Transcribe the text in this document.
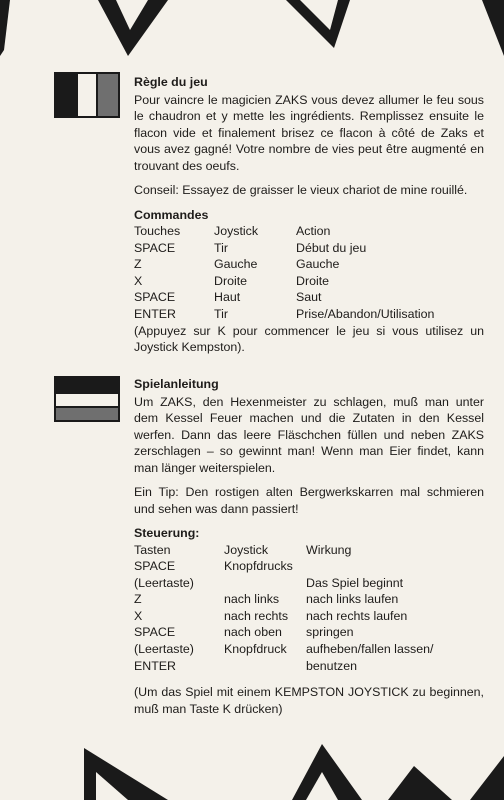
Règle du jeu

Pour vaincre le magicien ZAKS vous devez allumer le feu sous le chaudron et y mette les ingrédients. Remplissez ensuite le flacon vide et finalement brisez ce flacon à côté de Zaks et vous avez gagné! Votre nombre de vies peut être augmenté en trouvant des oeufs.

Conseil: Essayez de graisser le vieux chariot de mine rouillé.

Commandes
Touches	Joystick	Action
SPACE	Tir	Début du jeu
Z	Gauche	Gauche
X	Droite	Droite
SPACE	Haut	Saut
ENTER	Tir	Prise/Abandon/Utilisation

(Appuyez sur K pour commencer le jeu si vous utilisez un Joystick Kempston).

Spielanleitung

Um ZAKS, den Hexenmeister zu schlagen, muß man unter dem Kessel Feuer machen und die Zutaten in den Kessel werfen. Dann das leere Fläschchen füllen und neben ZAKS zerschlagen – so gewinnt man! Wenn man Eier findet, kann man länger weiterspielen.

Ein Tip: Den rostigen alten Bergwerkskarren mal schmieren und sehen was dann passiert!

Steuerung:
Tasten	Joystick	Wirkung
SPACE	Knopfdrucks	
(Leertaste)		Das Spiel beginnt
Z	nach links	nach links laufen
X	nach rechts	nach rechts laufen
SPACE	nach oben	springen
(Leertaste)	Knopfdruck	aufheben/fallen lassen/
ENTER		benutzen

(Um das Spiel mit einem KEMPSTON JOYSTICK zu beginnen, muß man Taste K drücken)
